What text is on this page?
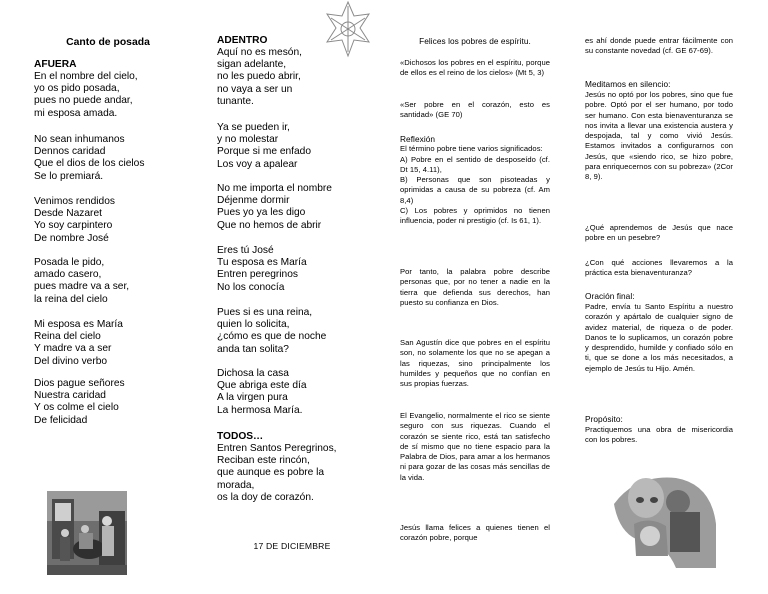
Canto de posada
AFUERA

En el nombre del cielo,

yo os pido posada,

pues no puede andar,

mi esposa amada.

No sean inhumanos

Dennos caridad

Que el dios de los cielos

Se lo premiará.

Venimos rendidos

Desde Nazaret

Yo soy carpintero

De nombre José

Posada le pido,

amado casero,

pues madre va a ser,

la reina del cielo

Mi esposa es María

Reina del cielo

Y madre va a ser

Del divino verbo

Dios pague señores

Nuestra caridad

Y os colme el cielo

De felicidad

ADENTRO

Aquí no es mesón,

sigan adelante,

no les puedo abrir,

no vaya a ser un

tunante.

Ya se pueden ir,

y no molestar

Porque si me enfado

Los voy a apalear

No me importa el nombre

Déjenme dormir

Pues yo ya les digo

Que no hemos de abrir

Eres tú José

Tu esposa es María

Entren peregrinos

No los conocía

Pues si es una reina,

quien lo solicita,

¿cómo es que de noche

anda tan solita?

Dichosa la casa

Que abriga este día

A la virgen pura

La hermosa María.

TODOS…

Entren Santos Peregrinos,

Reciban este rincón,

que aunque es pobre la

morada,

os la doy de corazón.

17 DE DICIEMBRE
Felices los pobres de espíritu.
«Dichosos los pobres en el espíritu, porque de ellos es el reino de los cielos» (Mt 5, 3)
«Ser pobre en el corazón, esto es santidad» (GE 70)

Reflexión

El término pobre tiene varios significados:

A) Pobre en el sentido de desposeído (cf. Dt 15, 4.11),

B) Personas que son pisoteadas y oprimidas a causa de su pobreza (cf. Am 8,4)

C) Los pobres y oprimidos no tienen influencia, poder ni prestigio (cf. Is 61, 1).

Por tanto, la palabra pobre describe personas que, por no tener a nadie en la tierra que defienda sus derechos, han puesto su confianza en Dios.
San Agustín dice que pobres en el espíritu son, no solamente los que no se apegan a las riquezas, sino principalmente los humildes y pequeños que no confían en sus propias fuerzas.
El Evangelio, normalmente el rico se siente seguro con sus riquezas. Cuando el corazón se siente rico, está tan satisfecho de sí mismo que no tiene espacio para la Palabra de Dios, para amar a los hermanos ni para gozar de las cosas más sencillas de la vida.
Jesús llama felices a quienes tienen el corazón pobre, porque
es ahí donde puede entrar fácilmente con su constante novedad (cf. GE 67-69).
Meditamos en silencio:
Jesús no optó por los pobres, sino que fue pobre. Optó por el ser humano, por todo ser humano. Con esta bienaventuranza se nos invita a llevar una existencia austera y despojada, tal y como vivió Jesús. Estamos invitados a configurarnos con Jesús, que «siendo rico, se hizo pobre, para enriquecernos con su pobreza» (2Cor 8, 9).
¿Qué aprendemos de Jesús que nace pobre en un pesebre?
¿Con qué acciones llevaremos a la práctica esta bienaventuranza?
Oración final:
Padre, envía tu Santo Espíritu a nuestro corazón y apártalo de cualquier signo de avidez material, de riqueza o de poder. Danos te lo suplicamos, un corazón pobre y desprendido, humilde y confiado sólo en ti, que se done a los más necesitados, a ejemplo de Jesús tu Hijo. Amén.
Propósito:
Practiquemos una obra de misericordia con los pobres.
